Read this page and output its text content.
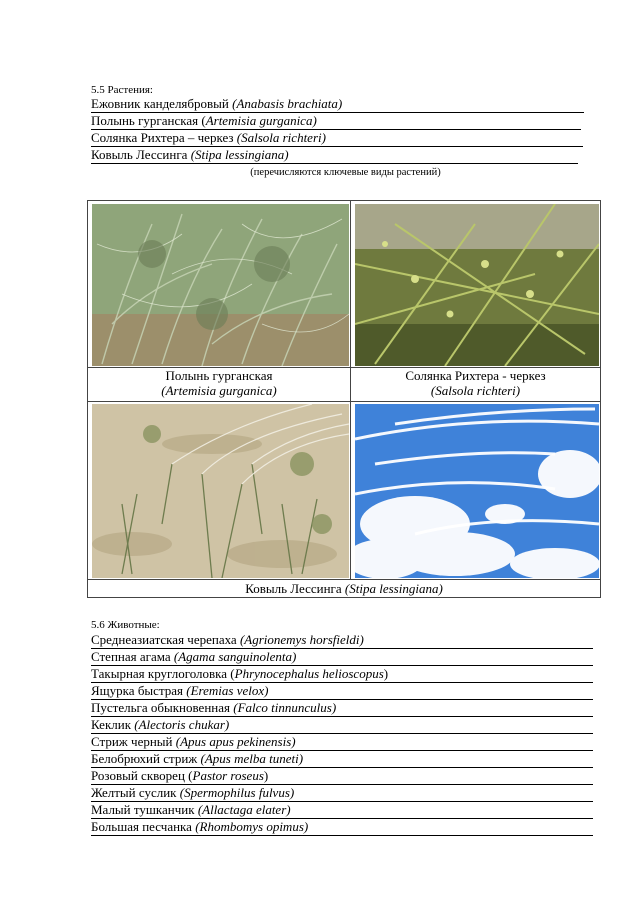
5.5 Растения:
Ежовник канделябровый (Anabasis brachiata)
Полынь гурганская (Artemisia gurganica)
Солянка Рихтера – черкез (Salsola richteri)
Ковыль Лессинга (Stipa lessingiana)
(перечисляются ключевые виды растений)
Полынь гурганская
(Artemisia gurganica)
Солянка Рихтера - черкез
(Salsola richteri)
Ковыль Лессинга (Stipa lessingiana)
5.6 Животные:
Среднеазиатская черепаха (Agrionemys horsfieldi)
Степная агама (Agama sanguinolenta)
Такырная круглоголовка (Phrynocephalus helioscopus)
Ящурка быстрая (Eremias velox)
Пустельга обыкновенная (Falco tinnunculus)
Кеклик (Alectoris chukar)
Стриж черный (Apus apus pekinensis)
Белобрюхий стриж (Apus melba tuneti)
Розовый скворец (Pastor roseus)
Желтый суслик (Spermophilus fulvus)
Малый тушканчик (Allactaga elater)
Большая песчанка (Rhombomys opimus)
